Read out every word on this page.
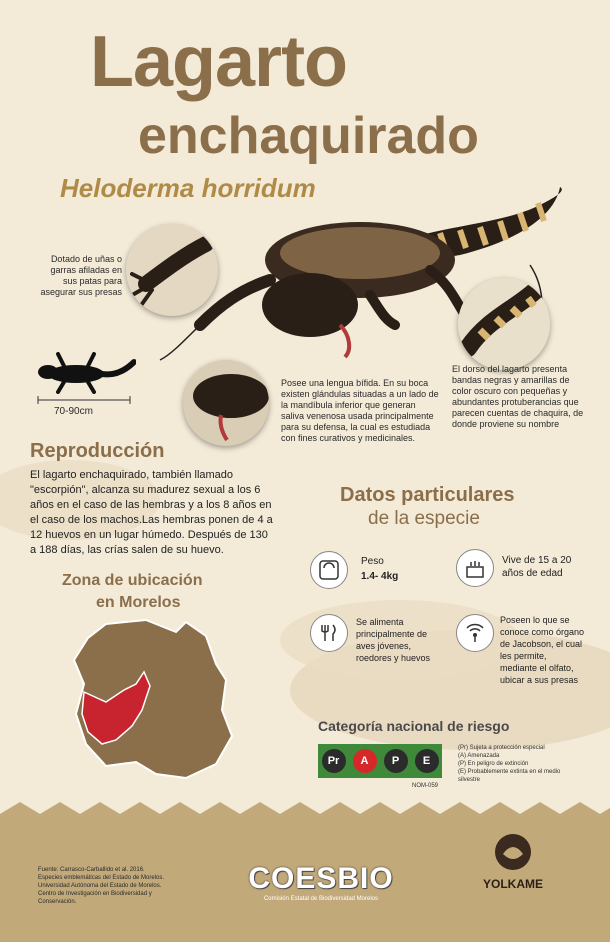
Lagarto
enchaquirado
Heloderma horridum
Dotado de uñas o garras afiladas en sus patas para asegurar sus presas
70-90cm
Posee una lengua bífida. En su boca existen glándulas situadas a un lado de la mandíbula inferior que generan saliva venenosa usada principalmente para su defensa, la cual es estudiada con fines curativos y medicinales.
El dorso del lagarto presenta bandas negras y amarillas de color oscuro con pequeñas y abundantes protuberancias que parecen cuentas de chaquira, de donde proviene su nombre
Reproducción
El lagarto enchaquirado, también llamado "escorpión", alcanza su madurez sexual a los 6 años en el caso de las hembras y a los 8 años en el caso de los machos.Las hembras ponen de 4 a 12 huevos en un lugar húmedo. Después de 130 a 188 días, las crías salen de su huevo.
Zona de ubicación
en Morelos
Datos particulares
de la especie
Peso
1.4- 4kg
Vive de 15 a 20 años de edad
Se alimenta principalmente de aves jóvenes, roedores y huevos
Poseen lo que se conoce como órgano de Jacobson, el cual les permite, mediante el olfato, ubicar a sus presas
Categoría nacional de riesgo
Pr	A	P	E
NOM-059
(Pr) Sujeta a protección especial
(A) Amenazada
(P) En peligro de extinción
(E) Probablemente extinta en el medio silvestre
Fuente: Carrasco-Carballido et al. 2016. Especies emblemáticas del Estado de Morelos. Universidad Autónoma del Estado de Morelos. Centro de Investigación en Biodiversidad y Conservación.
COESBIO
Comisión Estatal de Biodiversidad Morelos
YOLKAME
